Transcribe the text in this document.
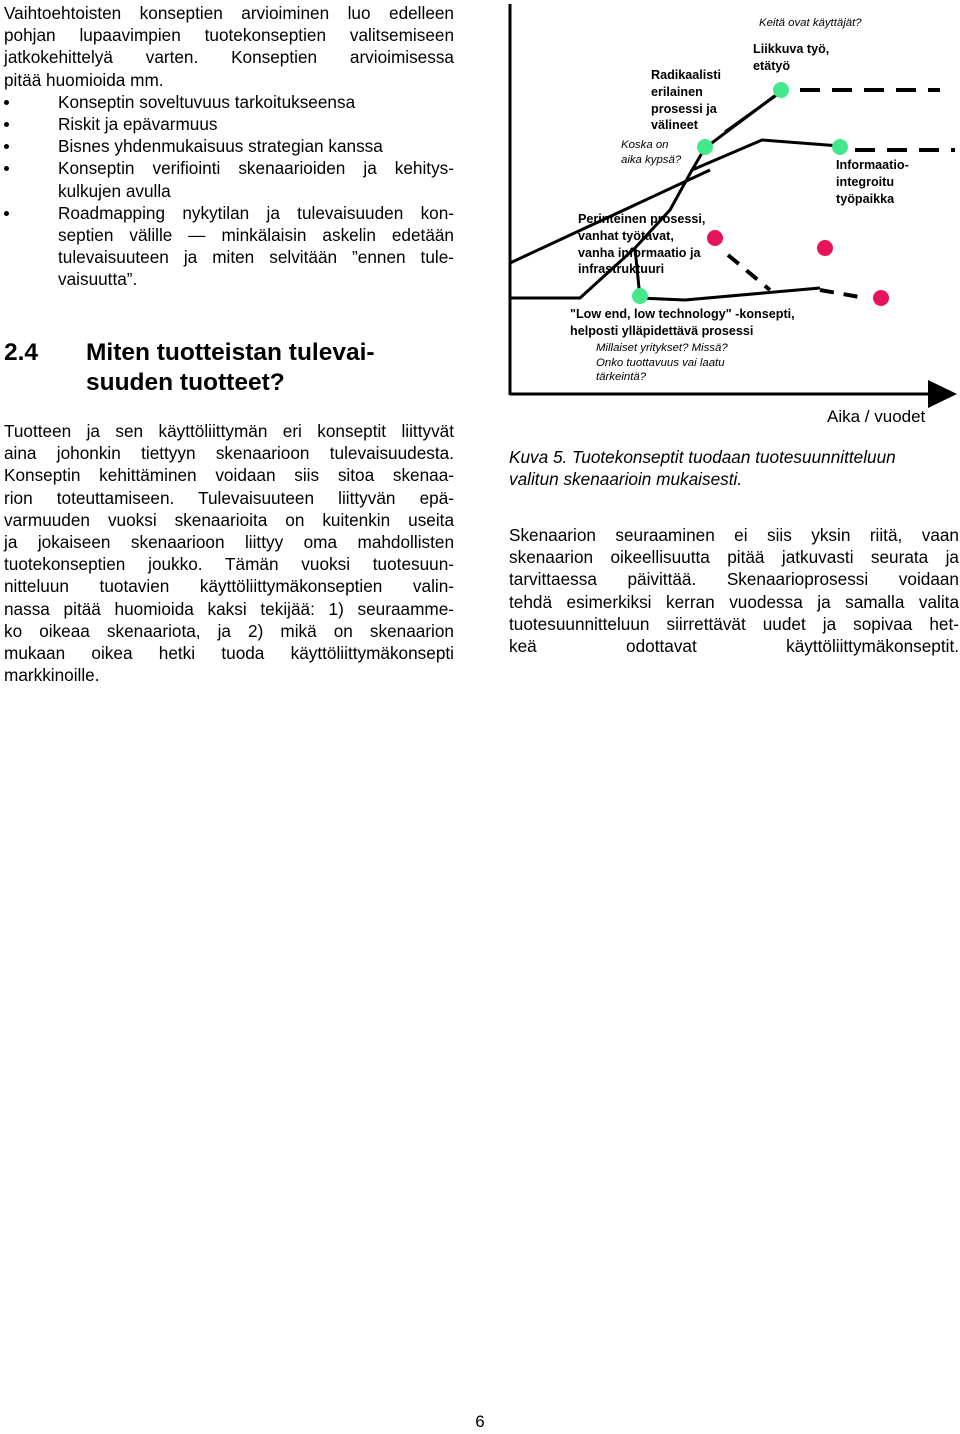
Vaihtoehtoisten konseptien arvioiminen luo edelleen
pohjan lupaavimpien tuotekonseptien valitsemiseen
jatkokehittelyä varten. Konseptien arvioimisessa
pitää huomioida mm.

Konseptin soveltuvuus tarkoitukseensa
Riskit ja epävarmuus
Bisnes yhdenmukaisuus strategian kanssa
Konseptin verifiointi skenaarioiden ja kehitys-
kulkujen avulla
Roadmapping nykytilan ja tulevaisuuden kon-
septien välille — minkälaisin askelin edetään
tulevaisuuteen ja miten selvitään ”ennen tule-
vaisuutta”.
2.4 Miten tuotteistan tulevai-
suuden tuotteet?

Tuotteen ja sen käyttöliittymän eri konseptit liittyvät
aina johonkin tiettyyn skenaarioon tulevaisuudesta.
Konseptin kehittäminen voidaan siis sitoa skenaa-
rion toteuttamiseen. Tulevaisuuteen liittyvän epä-
varmuuden vuoksi skenaarioita on kuitenkin useita
ja jokaiseen skenaarioon liittyy oma mahdollisten
tuotekonseptien joukko. Tämän vuoksi tuotesuun-
nitteluun tuotavien käyttöliittymäkonseptien valin-
nassa pitää huomioida kaksi tekijää: 1) seuraamme-
ko oikeaa skenaariota, ja 2) mikä on skenaarion
mukaan oikea hetki tuoda käyttöliittymäkonsepti
markkinoille.

Keitä ovat käyttäjät?
Liikkuva työ,
etätyö
Radikaalisti
erilainen
prosessi ja
välineet
Koska on
aika kypsä?	Informaatio-
integroitu
työpaikka
Perinteinen prosessi,
vanhat työtavat,
vanha informaatio ja
infrastruktuuri
"Low end, low technology" -konsepti,
helposti ylläpidettävä prosessi
Millaiset yritykset? Missä?
Onko tuottavuus vai laatu
tärkeintä?
Aika / vuodet
Kuva 5. Tuotekonseptit tuodaan tuotesuunnitteluun
valitun skenaarioin mukaisesti.

Skenaarion seuraaminen ei siis yksin riitä, vaan
skenaarion oikeellisuutta pitää jatkuvasti seurata ja
tarvittaessa päivittää. Skenaarioprosessi voidaan
tehdä esimerkiksi kerran vuodessa ja samalla valita
tuotesuunnitteluun siirrettävät uudet ja sopivaa het-
keä odottavat käyttöliittymäkonseptit.

6
